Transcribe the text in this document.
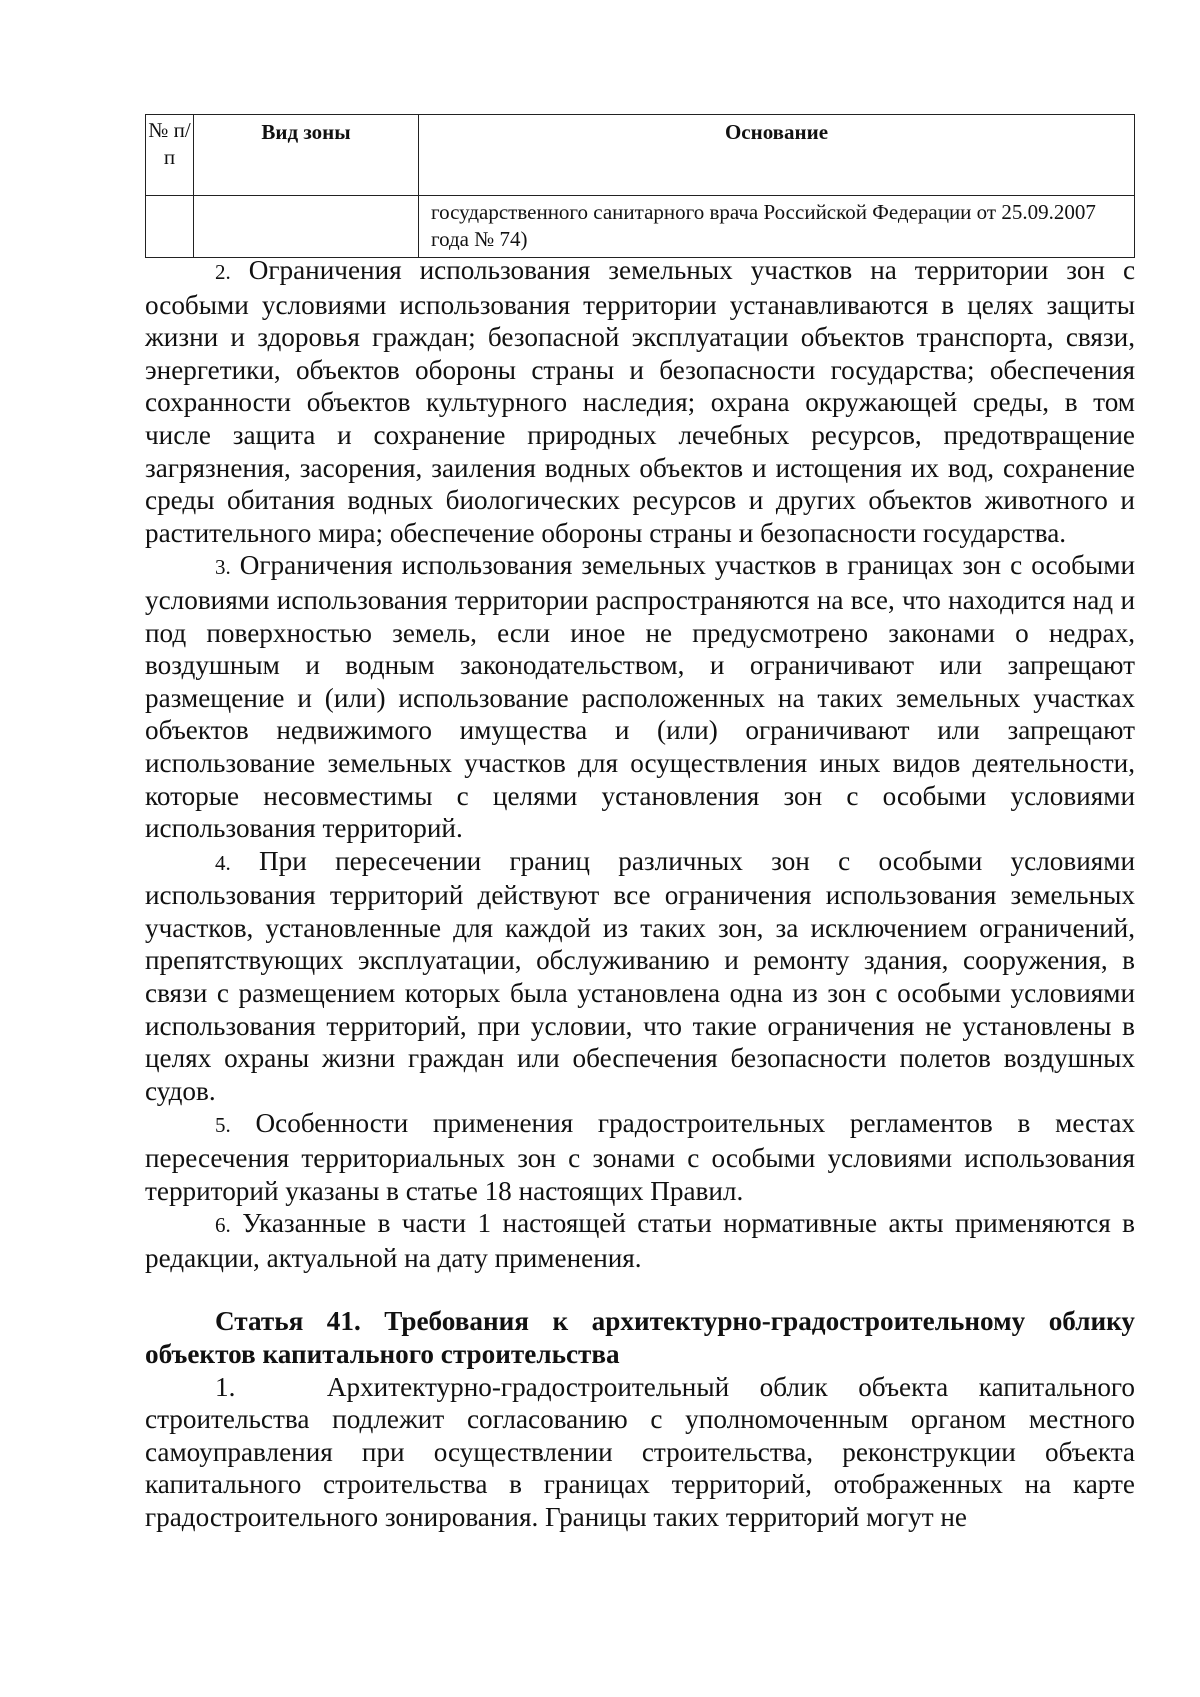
№ п/п	Вид зоны	Основание
		государственного санитарного врача Российской Федерации от 25.09.2007 года № 74)

2. Ограничения использования земельных участков на территории зон с особыми условиями использования территории устанавливаются в целях защиты жизни и здоровья граждан; безопасной эксплуатации объектов транспорта, связи, энергетики, объектов обороны страны и безопасности государства; обеспечения сохранности объектов культурного наследия; охрана окружающей среды, в том числе защита и сохранение природных лечебных ресурсов, предотвращение загрязнения, засорения, заиления водных объектов и истощения их вод, сохранение среды обитания водных биологических ресурсов и других объектов животного и растительного мира; обеспечение обороны страны и безопасности государства.

3. Ограничения использования земельных участков в границах зон с особыми условиями использования территории распространяются на все, что находится над и под поверхностью земель, если иное не предусмотрено законами о недрах, воздушным и водным законодательством, и ограничивают или запрещают размещение и (или) использование расположенных на таких земельных участках объектов недвижимого имущества и (или) ограничивают или запрещают использование земельных участков для осуществления иных видов деятельности, которые несовместимы с целями установления зон с особыми условиями использования территорий.

4. При пересечении границ различных зон с особыми условиями использования территорий действуют все ограничения использования земельных участков, установленные для каждой из таких зон, за исключением ограничений, препятствующих эксплуатации, обслуживанию и ремонту здания, сооружения, в связи с размещением которых была установлена одна из зон с особыми условиями использования территорий, при условии, что такие ограничения не установлены в целях охраны жизни граждан или обеспечения безопасности полетов воздушных судов.

5. Особенности применения градостроительных регламентов в местах пересечения территориальных зон с зонами с особыми условиями использования территорий указаны в статье 18 настоящих Правил.

6. Указанные в части 1 настоящей статьи нормативные акты применяются в редакции, актуальной на дату применения.

Статья 41. Требования к архитектурно-градостроительному облику объектов капитального строительства

1.	Архитектурно-градостроительный облик объекта капитального строительства подлежит согласованию с уполномоченным органом местного самоуправления при осуществлении строительства, реконструкции объекта капитального строительства в границах территорий, отображенных на карте градостроительного зонирования. Границы таких территорий могут не
